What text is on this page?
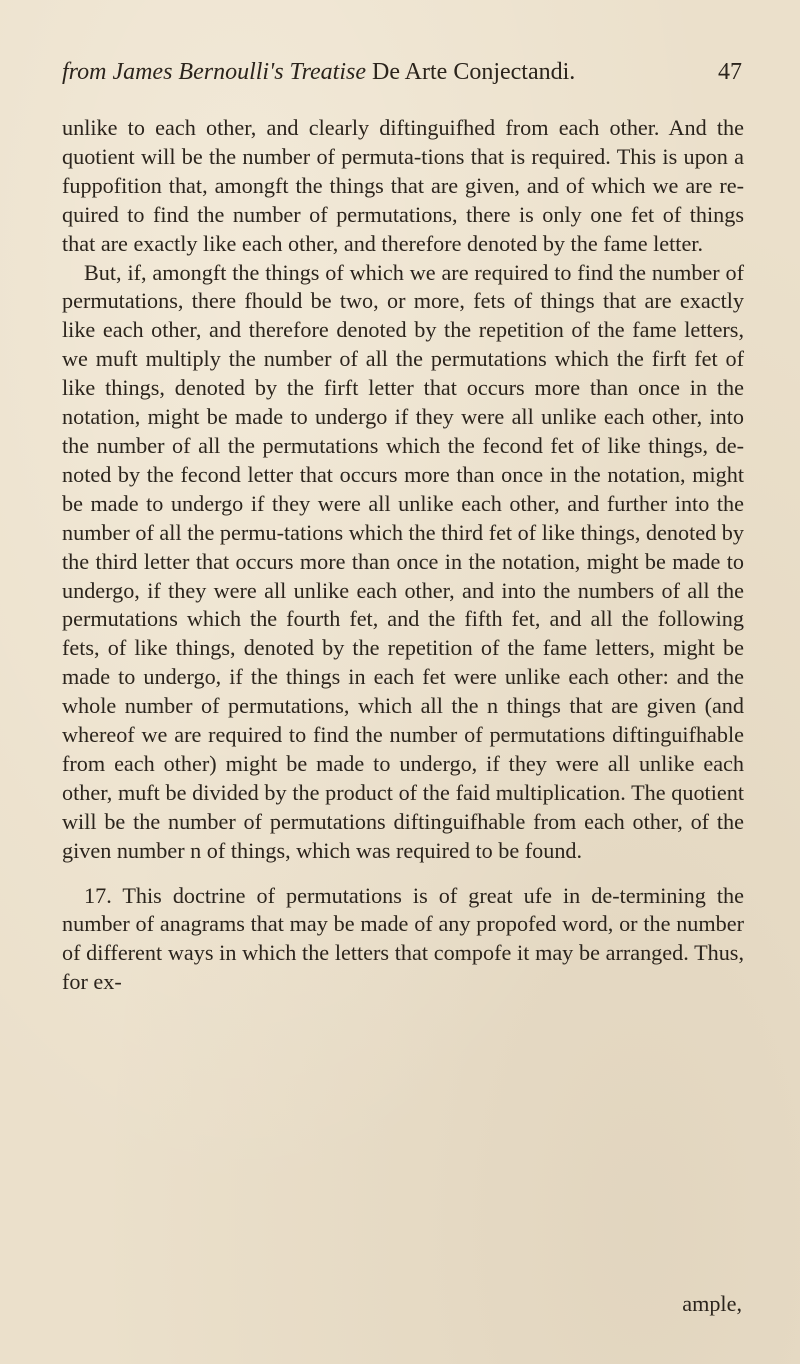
from James Bernoulli's Treatise De Arte Conjectandi.	47

unlike to each other, and clearly diftinguifhed from each other. And the quotient will be the number of permuta-tions that is required. This is upon a fuppofition that, amongft the things that are given, and of which we are re-quired to find the number of permutations, there is only one fet of things that are exactly like each other, and therefore denoted by the fame letter.

But, if, amongft the things of which we are required to find the number of permutations, there fhould be two, or more, fets of things that are exactly like each other, and therefore denoted by the repetition of the fame letters, we muft multiply the number of all the permutations which the firft fet of like things, denoted by the firft letter that occurs more than once in the notation, might be made to undergo if they were all unlike each other, into the number of all the permutations which the fecond fet of like things, de-noted by the fecond letter that occurs more than once in the notation, might be made to undergo if they were all unlike each other, and further into the number of all the permu-tations which the third fet of like things, denoted by the third letter that occurs more than once in the notation, might be made to undergo, if they were all unlike each other, and into the numbers of all the permutations which the fourth fet, and the fifth fet, and all the following fets, of like things, denoted by the repetition of the fame letters, might be made to undergo, if the things in each fet were unlike each other: and the whole number of permutations, which all the n things that are given (and whereof we are required to find the number of permutations diftinguifhable from each other) might be made to undergo, if they were all unlike each other, muft be divided by the product of the faid multiplication. The quotient will be the number of permutations diftinguifhable from each other, of the given number n of things, which was required to be found.

17. This doctrine of permutations is of great ufe in de-termining the number of anagrams that may be made of any propofed word, or the number of different ways in which the letters that compofe it may be arranged. Thus, for ex-

ample,
